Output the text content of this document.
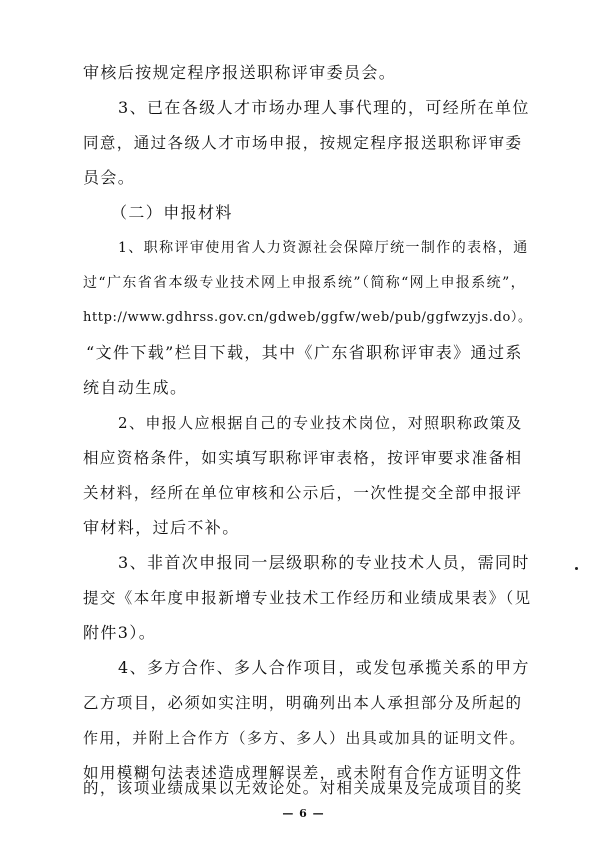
审核后按规定程序报送职称评审委员会。
3、已在各级人才市场办理人事代理的，可经所在单位
同意，通过各级人才市场申报，按规定程序报送职称评审委
员会。
（二）申报材料
1、职称评审使用省人力资源社会保障厅统一制作的表格，通
过“广东省省本级专业技术网上申报系统”（简称“网上申报系统”，
http://www.gdhrss.gov.cn/gdweb/ggfw/web/pub/ggfwzyjs.do）。
“文件下载”栏目下载，其中《广东省职称评审表》通过系
统自动生成。
2、申报人应根据自己的专业技术岗位，对照职称政策及
相应资格条件，如实填写职称评审表格，按评审要求准备相
关材料，经所在单位审核和公示后，一次性提交全部申报评
审材料，过后不补。
3、非首次申报同一层级职称的专业技术人员，需同时
提交《本年度申报新增专业技术工作经历和业绩成果表》（见
附件3）。
4、多方合作、多人合作项目，或发包承揽关系的甲方
乙方项目，必须如实注明，明确列出本人承担部分及所起的
作用，并附上合作方（多方、多人）出具或加具的证明文件。
如用模糊句法表述造成理解误差，或未附有合作方证明文件
的，该项业绩成果以无效论处。对相关成果及完成项目的奖
— 6 —
